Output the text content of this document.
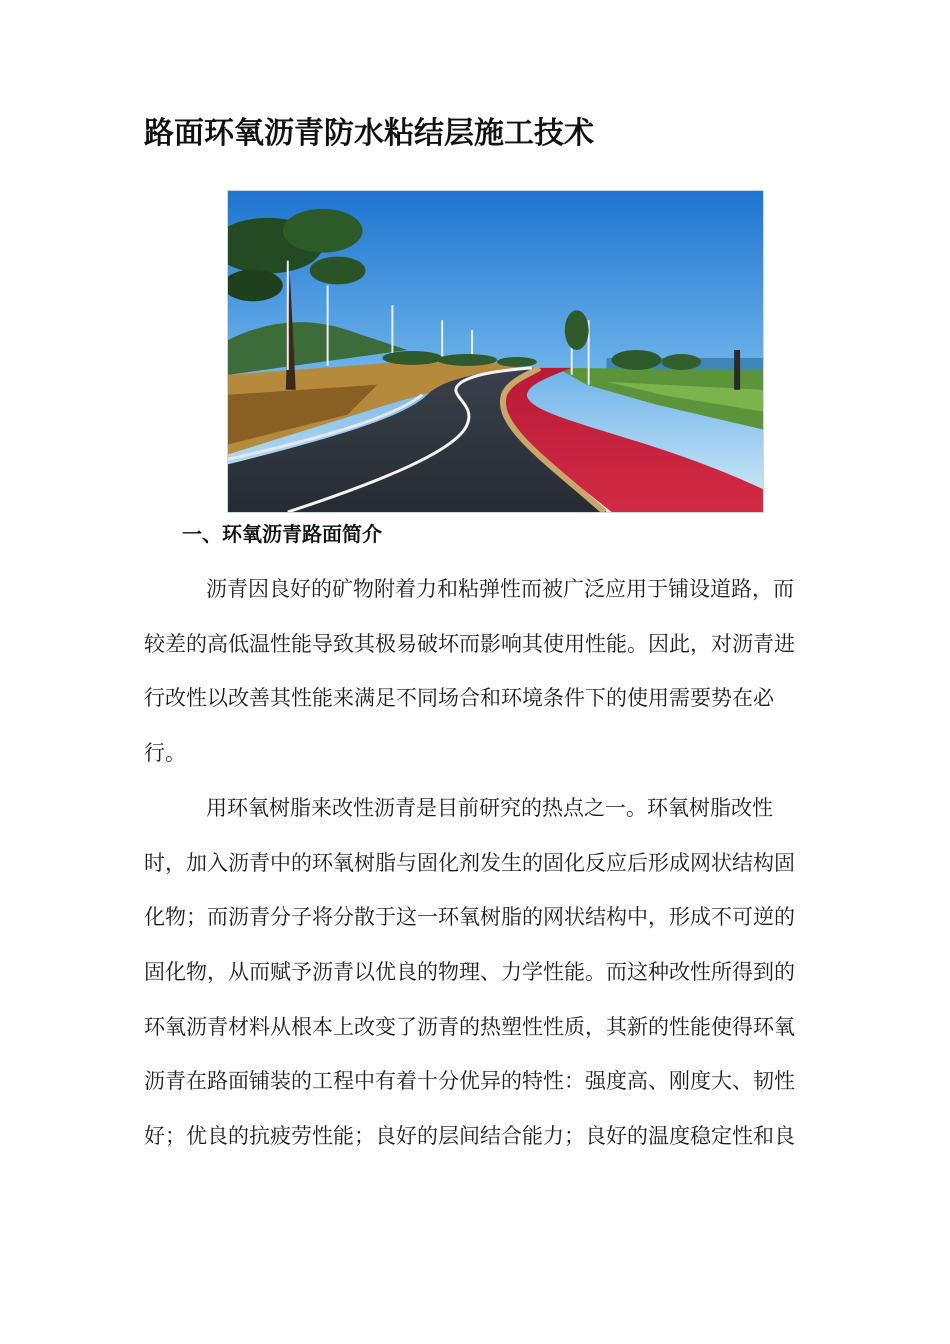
路面环氧沥青防水粘结层施工技术
一、环氧沥青路面简介

沥青因良好的矿物附着力和粘弹性而被广泛应用于铺设道路，而
较差的高低温性能导致其极易破坏而影响其使用性能。因此，对沥青进
行改性以改善其性能来满足不同场合和环境条件下的使用需要势在必
行。

用环氧树脂来改性沥青是目前研究的热点之一。环氧树脂改性
时，加入沥青中的环氧树脂与固化剂发生的固化反应后形成网状结构固
化物；而沥青分子将分散于这一环氧树脂的网状结构中，形成不可逆的
固化物，从而赋予沥青以优良的物理、力学性能。而这种改性所得到的
环氧沥青材料从根本上改变了沥青的热塑性性质，其新的性能使得环氧
沥青在路面铺装的工程中有着十分优异的特性：强度高、刚度大、韧性
好；优良的抗疲劳性能；良好的层间结合能力；良好的温度稳定性和良
